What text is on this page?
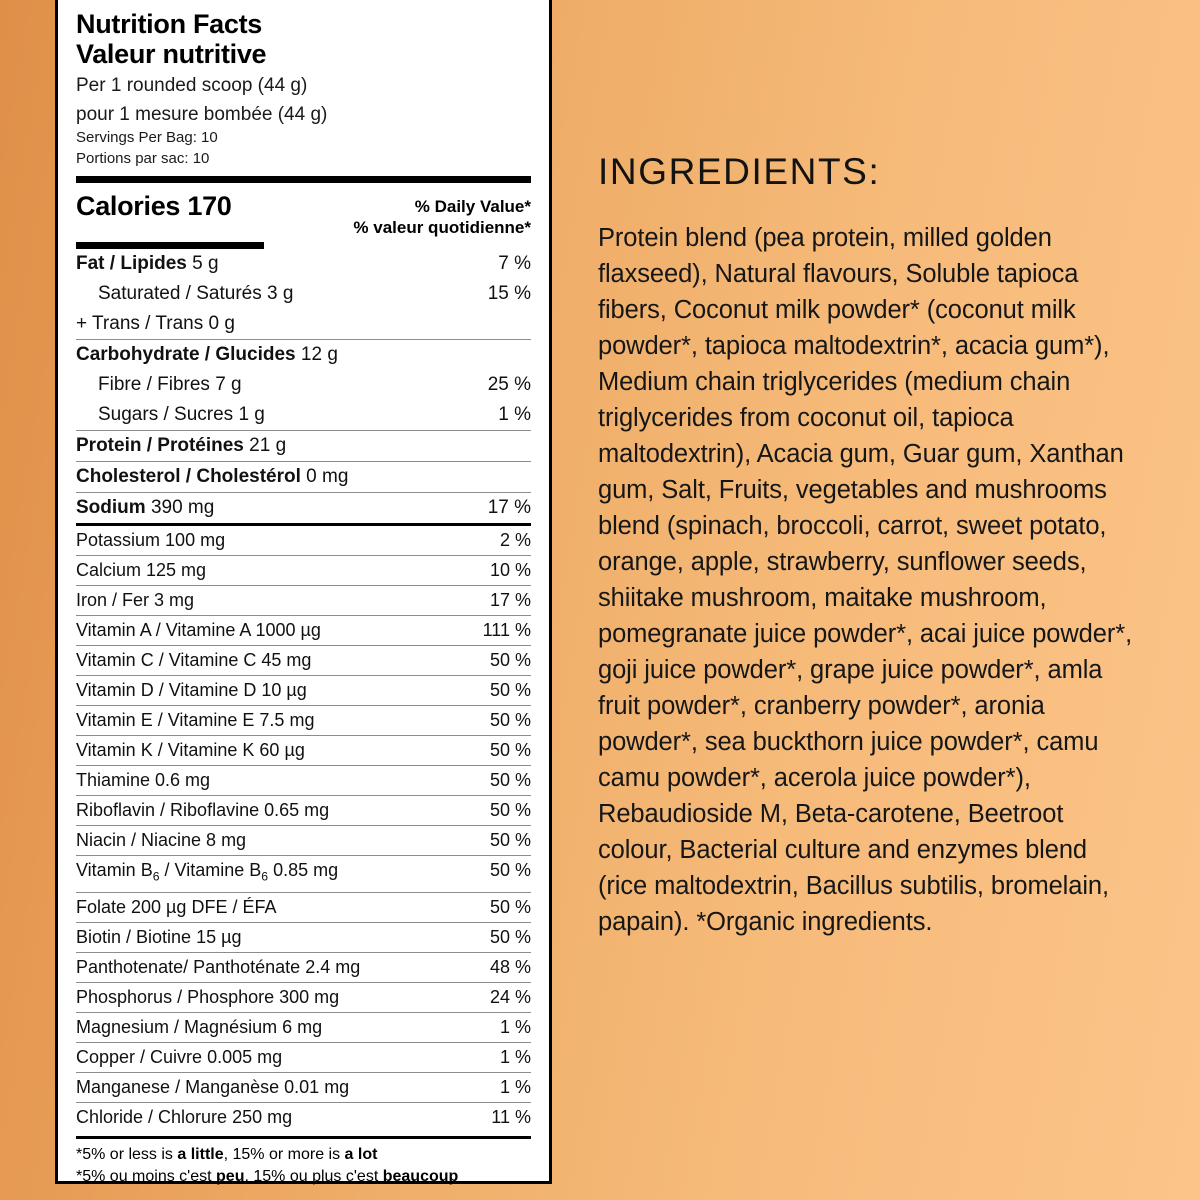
Nutrition Facts
Valeur nutritive
Per 1 rounded scoop (44 g)
pour 1 mesure bombée (44 g)
Servings Per Bag: 10
Portions par sac: 10
Calories 170	% Daily Value*
% valeur quotidienne*
Fat / Lipides 5 g	7 %
Saturated / Saturés 3 g	15 %
+ Trans / Trans 0 g
Carbohydrate / Glucides 12 g
Fibre / Fibres 7 g	25 %
Sugars / Sucres 1 g	1 %
Protein / Protéines 21 g
Cholesterol / Cholestérol 0 mg
Sodium 390 mg	17 %
Potassium 100 mg	2 %
Calcium 125 mg	10 %
Iron / Fer 3 mg	17 %
Vitamin A / Vitamine A 1000 µg	111 %
Vitamin C / Vitamine C 45 mg	50 %
Vitamin D / Vitamine D 10 µg	50 %
Vitamin E / Vitamine E 7.5 mg	50 %
Vitamin K / Vitamine K 60 µg	50 %
Thiamine 0.6 mg	50 %
Riboflavin / Riboflavine 0.65 mg	50 %
Niacin / Niacine 8 mg	50 %
Vitamin $B_6$ / Vitamine $B_6$ 0.85 mg	50 %
Folate 200 µg DFE / ÉFA	50 %
Biotin / Biotine 15 µg	50 %
Panthotenate/ Panthoténate 2.4 mg	48 %
Phosphorus / Phosphore 300 mg	24 %
Magnesium / Magnésium 6 mg	1 %
Copper / Cuivre 0.005 mg	1 %
Manganese / Manganèse 0.01 mg	1 %
Chloride / Chlorure 250 mg	11 %
*5% or less is a little, 15% or more is a lot
*5% ou moins c'est peu, 15% ou plus c'est beaucoup
INGREDIENTS:
Protein blend (pea protein, milled golden flaxseed), Natural flavours, Soluble tapioca fibers, Coconut milk powder* (coconut milk powder*, tapioca maltodextrin*, acacia gum*), Medium chain triglycerides (medium chain triglycerides from coconut oil, tapioca maltodextrin), Acacia gum, Guar gum, Xanthan gum, Salt, Fruits, vegetables and mushrooms blend (spinach, broccoli, carrot, sweet potato, orange, apple, strawberry, sunflower seeds, shiitake mushroom, maitake mushroom, pomegranate juice powder*, acai juice powder*, goji juice powder*, grape juice powder*, amla fruit powder*, cranberry powder*, aronia powder*, sea buckthorn juice powder*, camu camu powder*, acerola juice powder*), Rebaudioside M, Beta-carotene, Beetroot colour, Bacterial culture and enzymes blend (rice maltodextrin, Bacillus subtilis, bromelain, papain). *Organic ingredients.
